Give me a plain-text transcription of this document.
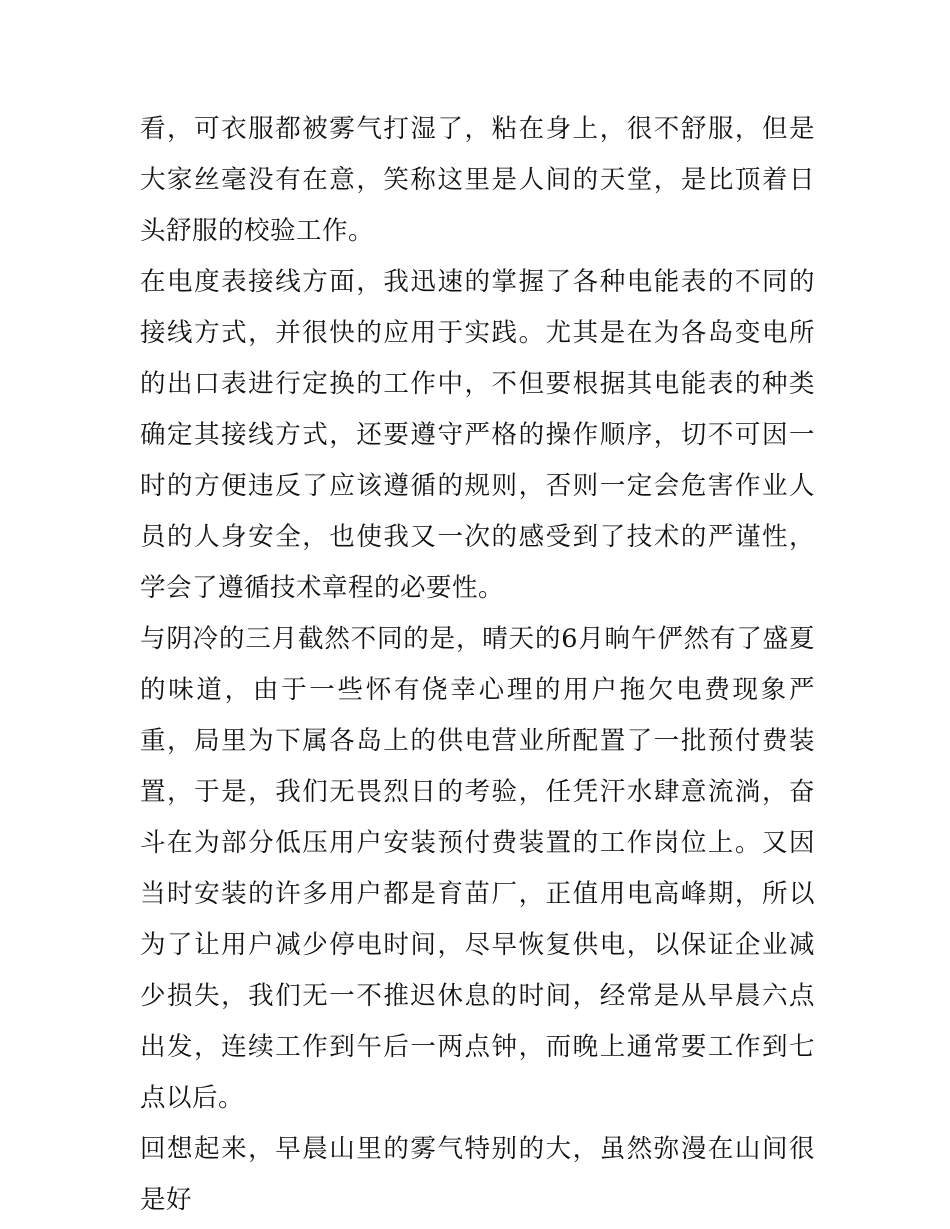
看，可衣服都被雾气打湿了，粘在身上，很不舒服，但是大家丝毫没有在意，笑称这里是人间的天堂，是比顶着日头舒服的校验工作。

在电度表接线方面，我迅速的掌握了各种电能表的不同的接线方式，并很快的应用于实践。尤其是在为各岛变电所的出口表进行定换的工作中，不但要根据其电能表的种类确定其接线方式，还要遵守严格的操作顺序，切不可因一时的方便违反了应该遵循的规则，否则一定会危害作业人员的人身安全，也使我又一次的感受到了技术的严谨性，学会了遵循技术章程的必要性。

与阴冷的三月截然不同的是，晴天的6月晌午俨然有了盛夏的味道，由于一些怀有侥幸心理的用户拖欠电费现象严重，局里为下属各岛上的供电营业所配置了一批预付费装置，于是，我们无畏烈日的考验，任凭汗水肆意流淌，奋斗在为部分低压用户安装预付费装置的工作岗位上。又因当时安装的许多用户都是育苗厂，正值用电高峰期，所以为了让用户减少停电时间，尽早恢复供电，以保证企业减少损失，我们无一不推迟休息的时间，经常是从早晨六点出发，连续工作到午后一两点钟，而晚上通常要工作到七点以后。

回想起来，早晨山里的雾气特别的大，虽然弥漫在山间很是好
